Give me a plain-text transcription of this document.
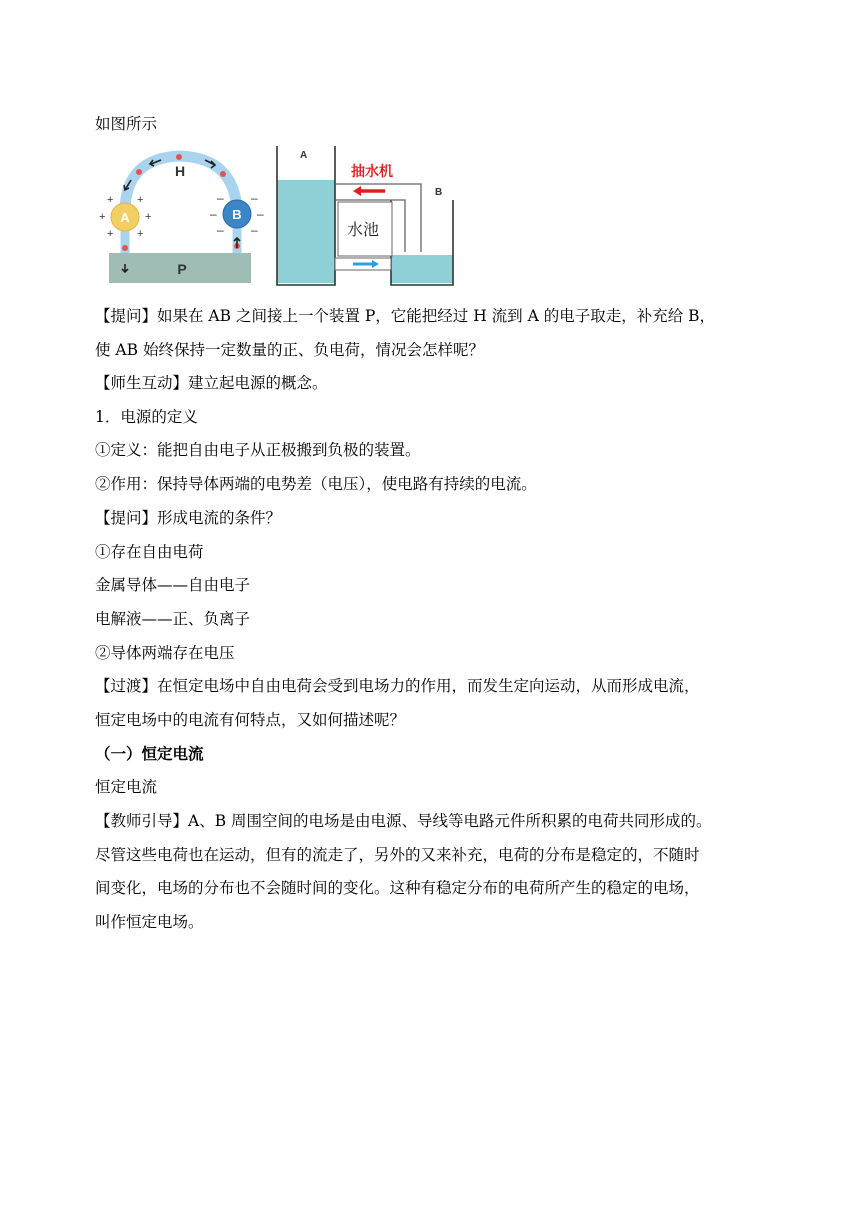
如图所示
A	B
H
P
+ +
+	+
+ +
– –
–	–
– –
抽水机
水池
A
B
【提问】如果在 AB 之间接上一个装置 P，它能把经过 H 流到 A 的电子取走，补充给 B，
使 AB 始终保持一定数量的正、负电荷，情况会怎样呢？
【师生互动】建立起电源的概念。
1．电源的定义
①定义：能把自由电子从正极搬到负极的装置。
②作用：保持导体两端的电势差（电压），使电路有持续的电流。
【提问】形成电流的条件？
①存在自由电荷
金属导体——自由电子
电解液——正、负离子
②导体两端存在电压
【过渡】在恒定电场中自由电荷会受到电场力的作用，而发生定向运动，从而形成电流，
恒定电场中的电流有何特点，又如何描述呢？
（一）恒定电流
恒定电流
【教师引导】A、B 周围空间的电场是由电源、导线等电路元件所积累的电荷共同形成的。
尽管这些电荷也在运动，但有的流走了，另外的又来补充，电荷的分布是稳定的，不随时
间变化，电场的分布也不会随时间的变化。这种有稳定分布的电荷所产生的稳定的电场，
叫作恒定电场。
